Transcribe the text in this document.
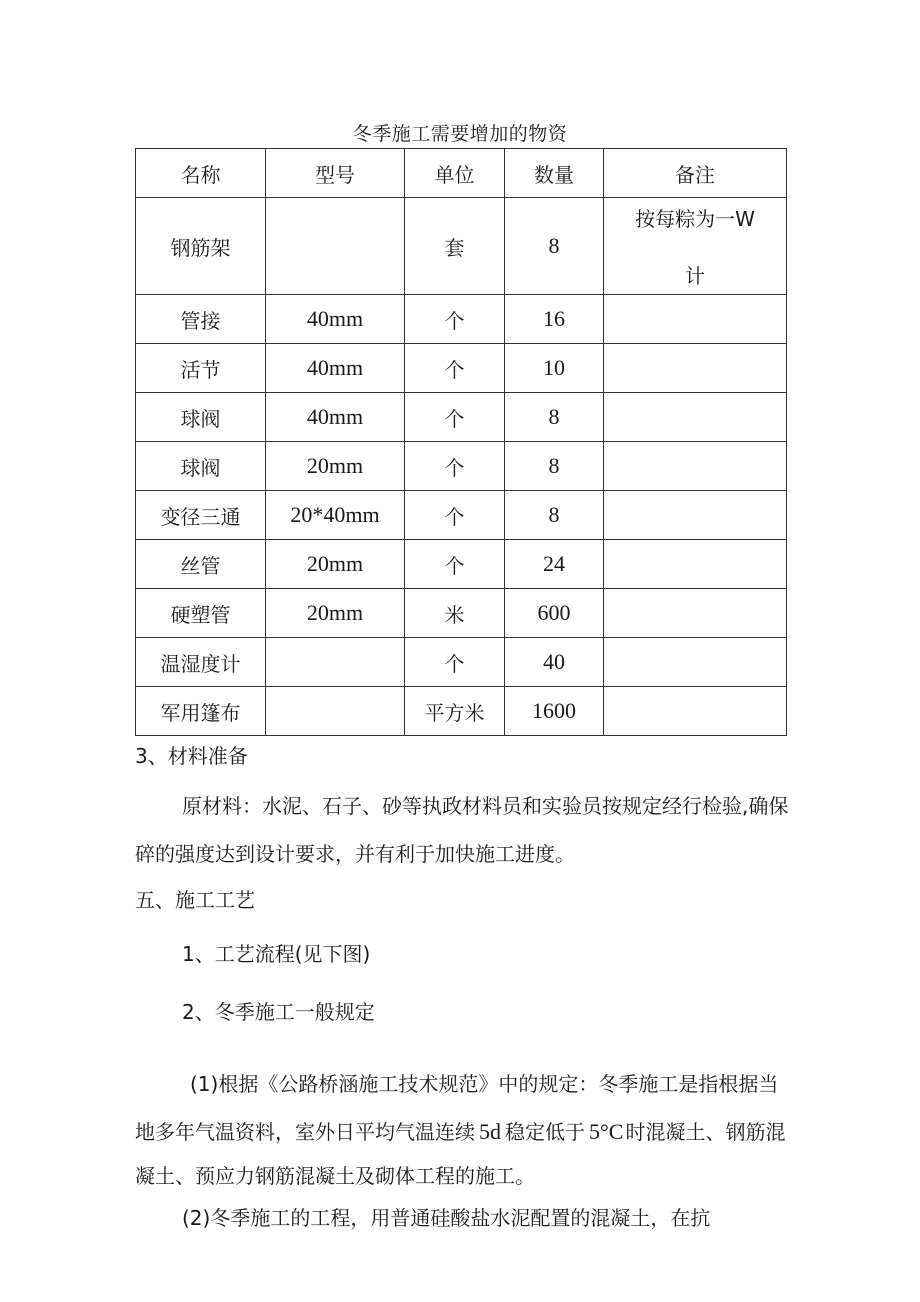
冬季施工需要增加的物资
名称	型号	单位	数量	备注
钢筋架		套	8	按每粽为一W
计

管接	40mm	个	16	
活节	40mm	个	10	
球阀	40mm	个	8	
球阀	20mm	个	8	
变径三通	20*40mm	个	8	
丝管	20mm	个	24	
硬塑管	20mm	米	600	
温湿度计		个	40	
军用篷布		平方米	1600	
3、材料准备
原材料：水泥、石子、砂等执政材料员和实验员按规定经行检验,确保
碎的强度达到设计要求，并有利于加快施工进度。
五、施工工艺
1、工艺流程(见下图)
2、冬季施工一般规定
(1)根据《公路桥涵施工技术规范》中的规定：冬季施工是指根据当
地多年气温资料，室外日平均气温连续 5d 稳定低于 5°C 时混凝土、钢筋混
凝土、预应力钢筋混凝土及砌体工程的施工。
(2)冬季施工的工程，用普通硅酸盐水泥配置的混凝土，在抗
